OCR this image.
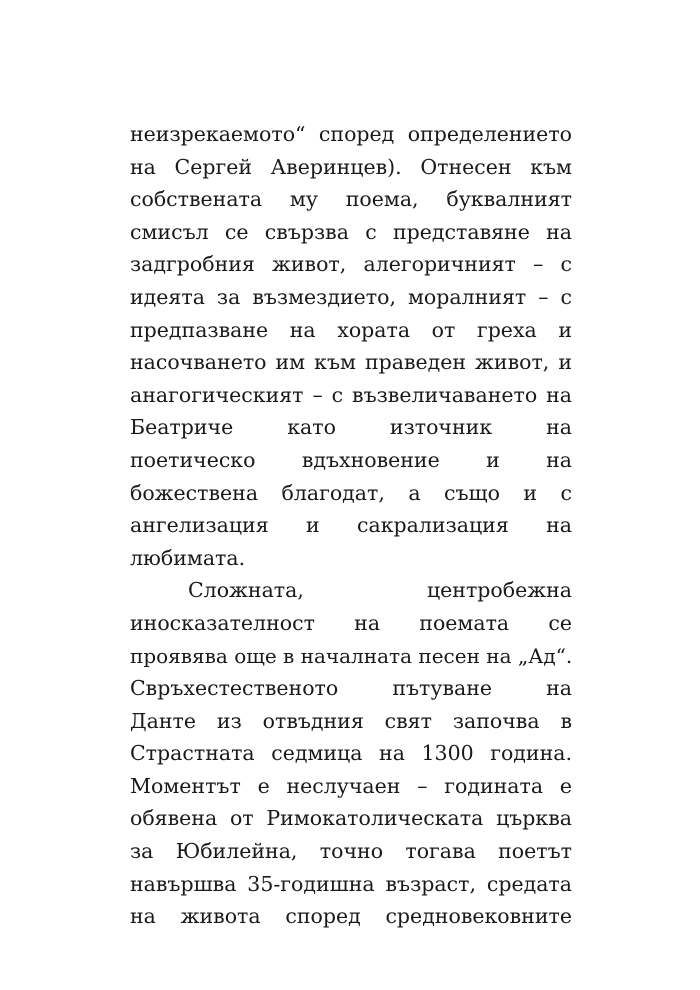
неизрекаемото“ според определението
на Сергей Аверинцев). Отнесен към
собствената му поема, буквалният
смисъл се свързва с представяне на
задгробния живот, алегоричният – с
идеята за възмездието, моралният – с
предпазване на хората от греха и
насочването им към праведен живот, и
анагогическият – с възвеличаването на
Беатриче като източник на
поетическо вдъхновение и на
божествена благодат, а също и с
ангелизация и сакрализация на
любимата.
Сложната, центробежна
иносказателност на поемата се
проявява още в началната песен на „Ад“.
Свръхестественото пътуване на
Данте из отвъдния свят започва в
Страстната седмица на 1300 година.
Моментът е неслучаен – годината е
обявена от Римокатолическата църква
за Юбилейна, точно тогава поетът
навършва 35-годишна възраст, средата
на живота според средновековните
